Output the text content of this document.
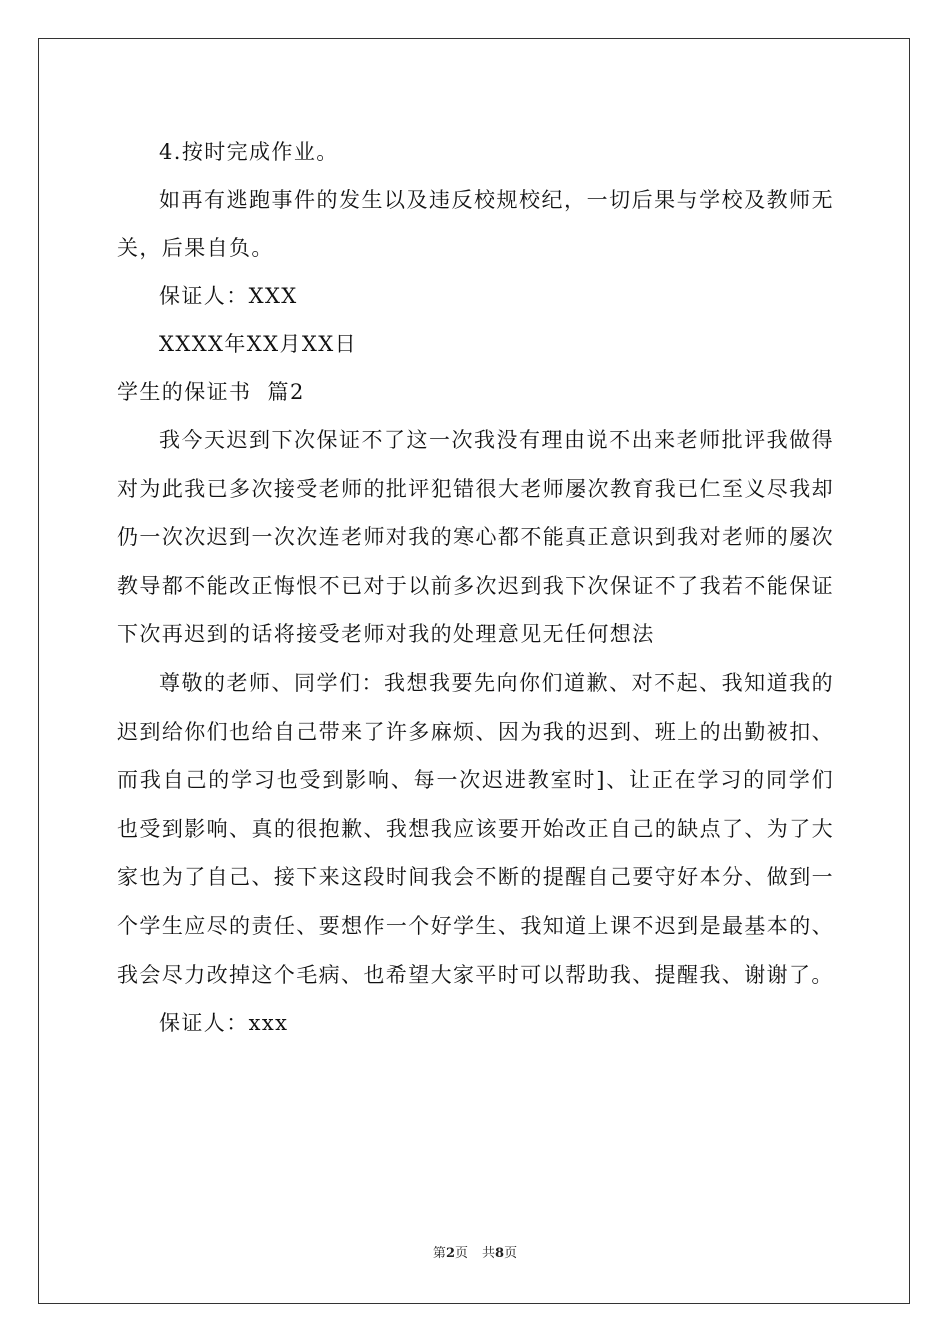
4.按时完成作业。

如再有逃跑事件的发生以及违反校规校纪，一切后果与学校及教师无关，后果自负。

保证人：XXX

XXXX年XX月XX日

学生的保证书  篇2

我今天迟到下次保证不了这一次我没有理由说不出来老师批评我做得对为此我已多次接受老师的批评犯错很大老师屡次教育我已仁至义尽我却仍一次次迟到一次次连老师对我的寒心都不能真正意识到我对老师的屡次教导都不能改正悔恨不已对于以前多次迟到我下次保证不了我若不能保证下次再迟到的话将接受老师对我的处理意见无任何想法

尊敬的老师、同学们：我想我要先向你们道歉、对不起、我知道我的迟到给你们也给自己带来了许多麻烦、因为我的迟到、班上的出勤被扣、而我自己的学习也受到影响、每一次迟进教室时]、让正在学习的同学们也受到影响、真的很抱歉、我想我应该要开始改正自己的缺点了、为了大家也为了自己、接下来这段时间我会不断的提醒自己要守好本分、做到一个学生应尽的责任、要想作一个好学生、我知道上课不迟到是最基本的、我会尽力改掉这个毛病、也希望大家平时可以帮助我、提醒我、谢谢了。

保证人：xxx

第2页 共8页
